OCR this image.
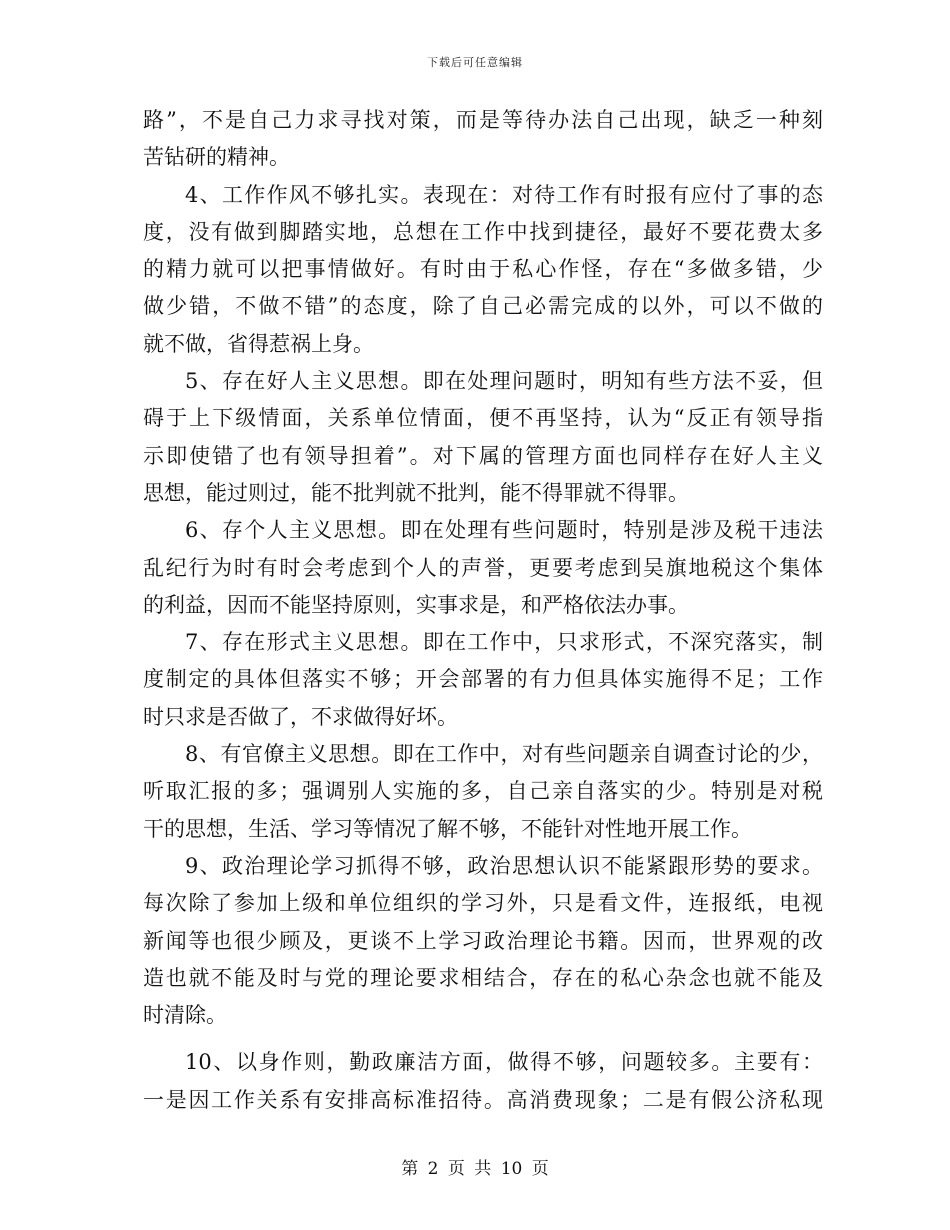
下载后可任意编辑
路”，不是自己力求寻找对策，而是等待办法自己出现，缺乏一种刻
苦钻研的精神。
4、工作作风不够扎实。表现在：对待工作有时报有应付了事的态
度，没有做到脚踏实地，总想在工作中找到捷径，最好不要花费太多
的精力就可以把事情做好。有时由于私心作怪，存在“多做多错，少
做少错，不做不错”的态度，除了自己必需完成的以外，可以不做的
就不做，省得惹祸上身。
5、存在好人主义思想。即在处理问题时，明知有些方法不妥，但
碍于上下级情面，关系单位情面，便不再坚持，认为“反正有领导指
示即使错了也有领导担着”。对下属的管理方面也同样存在好人主义
思想，能过则过，能不批判就不批判，能不得罪就不得罪。
6、存个人主义思想。即在处理有些问题时，特别是涉及税干违法
乱纪行为时有时会考虑到个人的声誉，更要考虑到吴旗地税这个集体
的利益，因而不能坚持原则，实事求是，和严格依法办事。
7、存在形式主义思想。即在工作中，只求形式，不深究落实，制
度制定的具体但落实不够；开会部署的有力但具体实施得不足；工作
时只求是否做了，不求做得好坏。
8、有官僚主义思想。即在工作中，对有些问题亲自调查讨论的少，
听取汇报的多；强调别人实施的多，自己亲自落实的少。特别是对税
干的思想，生活、学习等情况了解不够，不能针对性地开展工作。
9、政治理论学习抓得不够，政治思想认识不能紧跟形势的要求。
每次除了参加上级和单位组织的学习外，只是看文件，连报纸，电视
新闻等也很少顾及，更谈不上学习政治理论书籍。因而，世界观的改
造也就不能及时与党的理论要求相结合，存在的私心杂念也就不能及
时清除。
10、以身作则，勤政廉洁方面，做得不够，问题较多。主要有：
一是因工作关系有安排高标准招待。高消费现象；二是有假公济私现
第 2 页 共 10 页
